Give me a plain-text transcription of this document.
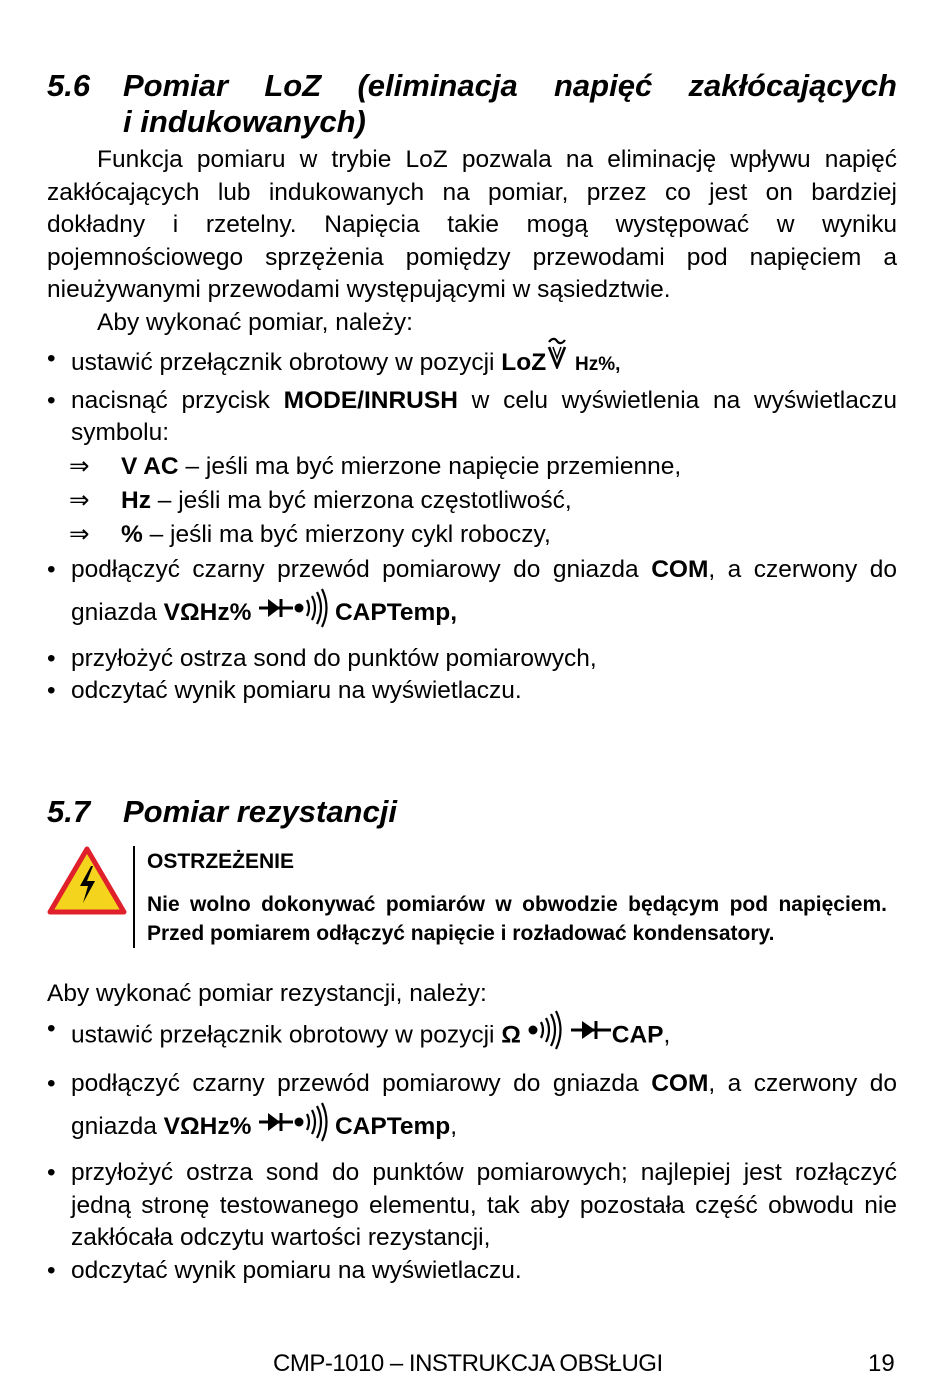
5.6	Pomiar LoZ (eliminacja napięć zakłócających
i indukowanych)

Funkcja pomiaru w trybie LoZ pozwala na eliminację wpływu napięć zakłócających lub indukowanych na pomiar, przez co jest on bardziej dokładny i rzetelny. Napięcia takie mogą występować w wyniku pojemnościowego sprzężenia pomiędzy przewodami pod napięciem a nieużywanymi przewodami występującymi w sąsiedztwie.

Aby wykonać pomiar, należy:

• ustawić przełącznik obrotowy w pozycji LoZ Hz%,
• nacisnąć przycisk MODE/INRUSH w celu wyświetlenia na wyświetlaczu symbolu:
⇒ V AC – jeśli ma być mierzone napięcie przemienne,
⇒ Hz – jeśli ma być mierzona częstotliwość,
⇒ % – jeśli ma być mierzony cykl roboczy,
• podłączyć czarny przewód pomiarowy do gniazda COM, a czerwony do gniazda VΩHz%	CAPTemp,
• przyłożyć ostrza sond do punktów pomiarowych,
• odczytać wynik pomiaru na wyświetlaczu.
5.7	Pomiar rezystancji
OSTRZEŻENIE
Nie wolno dokonywać pomiarów w obwodzie będącym pod napięciem. Przed pomiarem odłączyć napięcie i rozładować kondensatory.

Aby wykonać pomiar rezystancji, należy:

• ustawić przełącznik obrotowy w pozycji Ω	CAP,
• podłączyć czarny przewód pomiarowy do gniazda COM, a czerwony do gniazda VΩHz%	CAPTemp,
• przyłożyć ostrza sond do punktów pomiarowych; najlepiej jest rozłączyć jedną stronę testowanego elementu, tak aby pozostała część obwodu nie zakłócała odczytu wartości rezystancji,
• odczytać wynik pomiaru na wyświetlaczu.
CMP-1010 – INSTRUKCJA OBSŁUGI	19
